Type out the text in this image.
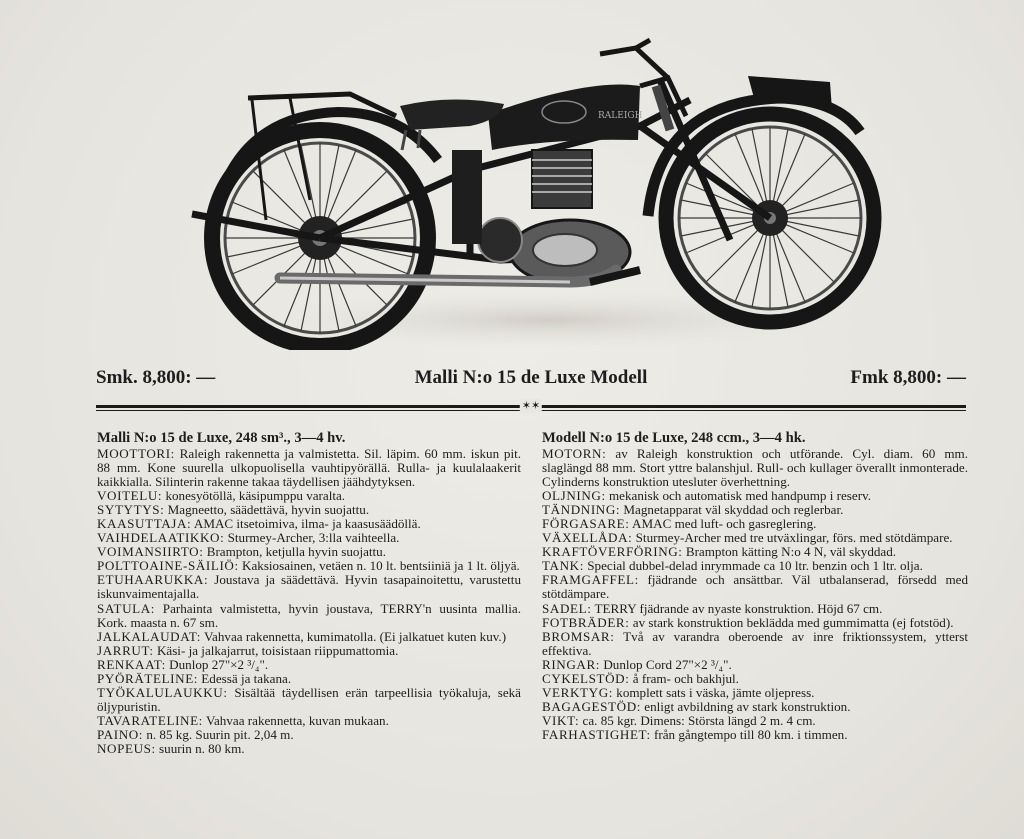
RALEIGH
Smk. 8,800: —	Malli N:o 15 de Luxe Modell	Fmk 8,800: —
✶✶
Malli N:o 15 de Luxe, 248 sm³., 3—4 hv.

MOOTTORI: Raleigh rakennetta ja valmistetta. Sil. läpim. 60 mm. iskun pit. 88 mm. Kone suurella ulkopuolisella vauhtipyörällä. Rulla- ja kuulalaakerit kaikkialla. Silinterin rakenne takaa täydellisen jäähdytyksen.

VOITELU: konesyötöllä, käsipumppu varalta.

SYTYTYS: Magneetto, säädettävä, hyvin suojattu.

KAASUTTAJA: AMAC itsetoimiva, ilma- ja kaasusäädöllä.

VAIHDELAATIKKO: Sturmey-Archer, 3:lla vaihteella.

VOIMANSIIRTO: Brampton, ketjulla hyvin suojattu.

POLTTOAINE-SÄILIÖ: Kaksiosainen, vetäen n. 10 lt. bentsiiniä ja 1 lt. öljyä.

ETUHAARUKKA: Joustava ja säädettävä. Hyvin tasapainoitettu, varustettu iskunvaimentajalla.

SATULA: Parhainta valmistetta, hyvin joustava, TERRY'n uusinta mallia. Kork. maasta n. 67 sm.

JALKALAUDAT: Vahvaa rakennetta, kumimatolla. (Ei jalkatuet kuten kuv.)

JARRUT: Käsi- ja jalkajarrut, toisistaan riippumattomia.

RENKAAT: Dunlop 27"×2 ³/₄".

PYÖRÄTELINE: Edessä ja takana.

TYÖKALULAUKKU: Sisältää täydellisen erän tarpeellisia työkaluja, sekä öljypuristin.

TAVARATELINE: Vahvaa rakennetta, kuvan mukaan.

PAINO: n. 85 kg. Suurin pit. 2,04 m.

NOPEUS: suurin n. 80 km.

Modell N:o 15 de Luxe, 248 ccm., 3—4 hk.

MOTORN: av Raleigh konstruktion och utförande. Cyl. diam. 60 mm. slaglängd 88 mm. Stort yttre balanshjul. Rull- och kullager överallt inmonterade. Cylinderns konstruktion utesluter överhettning.

OLJNING: mekanisk och automatisk med handpump i reserv.

TÄNDNING: Magnetapparat väl skyddad och reglerbar.

FÖRGASARE: AMAC med luft- och gasreglering.

VÄXELLÅDA: Sturmey-Archer med tre utväxlingar, förs. med stötdämpare.

KRAFTÖVERFÖRING: Brampton kätting N:o 4 N, väl skyddad.

TANK: Special dubbel-delad inrymmade ca 10 ltr. benzin och 1 ltr. olja.

FRAMGAFFEL: fjädrande och ansättbar. Väl utbalanserad, försedd med stötdämpare.

SADEL: TERRY fjädrande av nyaste konstruktion. Höjd 67 cm.

FOTBRÄDER: av stark konstruktion beklädda med gummimatta (ej fotstöd).

BROMSAR: Två av varandra oberoende av inre friktionssystem, ytterst effektiva.

RINGAR: Dunlop Cord 27"×2 ³/₄".

CYKELSTÖD: å fram- och bakhjul.

VERKTYG: komplett sats i väska, jämte oljepress.

BAGAGESTÖD: enligt avbildning av stark konstruktion.

VIKT: ca. 85 kgr. Dimens: Största längd 2 m. 4 cm.

FARHASTIGHET: från gångtempo till 80 km. i timmen.
